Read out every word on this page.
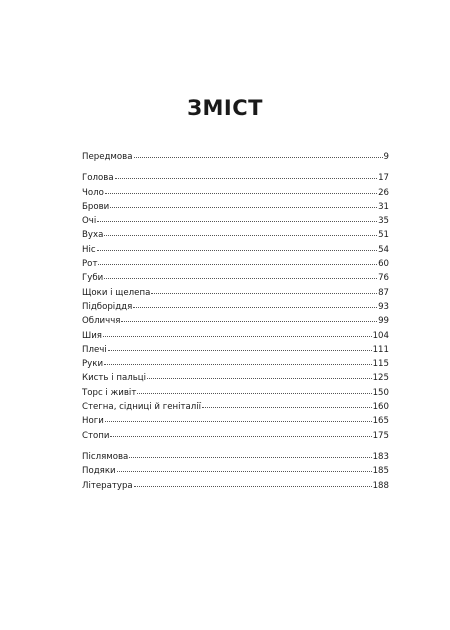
ЗМІСТ
Передмова	9
Голова	17
Чоло	26
Брови	31
Очі	35
Вуха	51
Ніс	54
Рот	60
Губи	76
Щоки і щелепа	87
Підборіддя	93
Обличчя	99
Шия	104
Плечі	111
Руки	115
Кисть і пальці	125
Торс і живіт	150
Стегна, сідниці й геніталії	160
Ноги	165
Стопи	175
Післямова	183
Подяки	185
Література	188
